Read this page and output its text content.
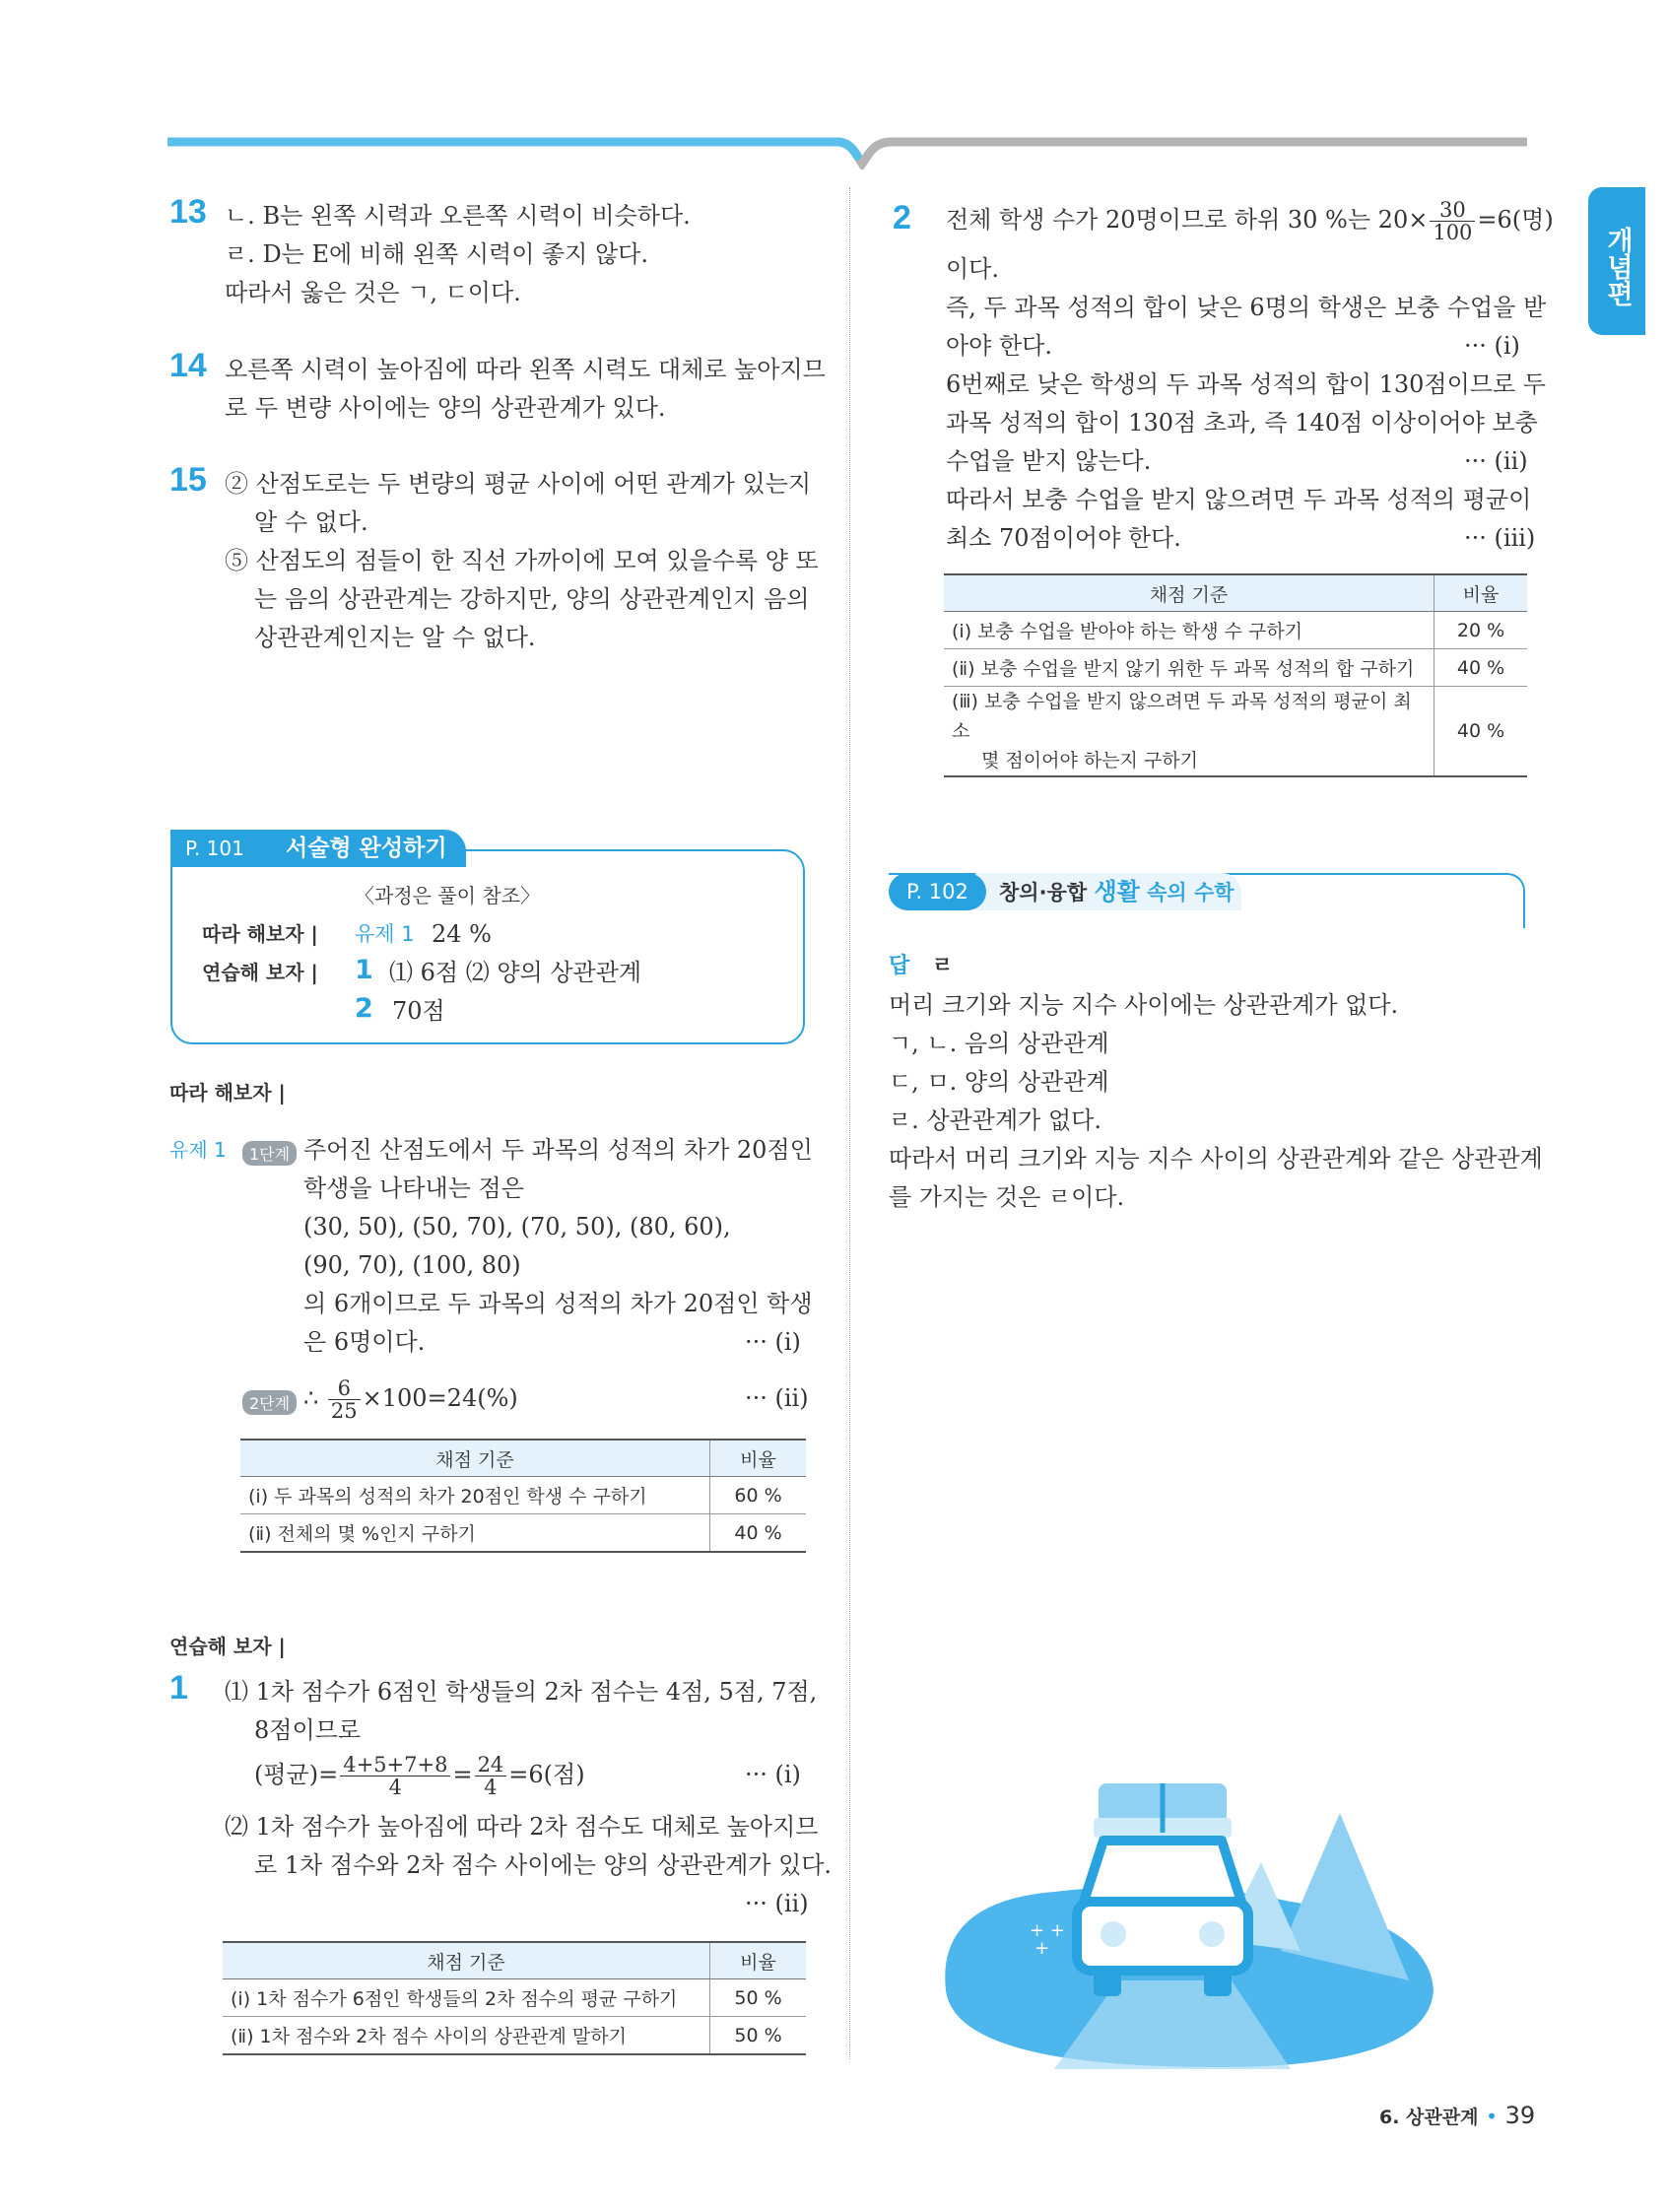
개념편
13 ㄴ. B는 왼쪽 시력과 오른쪽 시력이 비슷하다.
ㄹ. D는 E에 비해 왼쪽 시력이 좋지 않다.
따라서 옳은 것은 ㄱ, ㄷ이다.
14 오른쪽 시력이 높아짐에 따라 왼쪽 시력도 대체로 높아지므
로 두 변량 사이에는 양의 상관관계가 있다.
15 ② 산점도로는 두 변량의 평균 사이에 어떤 관계가 있는지
알 수 없다.
⑤ 산점도의 점들이 한 직선 가까이에 모여 있을수록 양 또
는 음의 상관관계는 강하지만, 양의 상관관계인지 음의
상관관계인지는 알 수 없다.
P. 101 서술형 완성하기
〈과정은 풀이 참조〉
따라 해보자 | 유제 1 24 %
연습해 보자 | 1 ⑴ 6점 ⑵ 양의 상관관계
2 70점
따라 해보자 |
유제 1	1단계 주어진 산점도에서 두 과목의 성적의 차가 20점인
학생을 나타내는 점은
(30, 50), (50, 70), (70, 50), (80, 60),
(90, 70), (100, 80)
의 6개이므로 두 과목의 성적의 차가 20점인 학생
은 6명이다.	··· (ⅰ)
2단계 ∴ $\frac{6}{25} \times 100=24(\%)$	··· (ⅱ)
채점 기준	비율
(ⅰ) 두 과목의 성적의 차가 20점인 학생 수 구하기	60 %
(ⅱ) 전체의 몇 %인지 구하기	40 %
연습해 보자 |
1 ⑴ 1차 점수가 6점인 학생들의 2차 점수는 4점, 5점, 7점,
8점이므로
(평균)= $\frac{4+5+7+8}{4} = \frac{24}{4} =6$(점)	··· (ⅰ)
⑵ 1차 점수가 높아짐에 따라 2차 점수도 대체로 높아지므
로 1차 점수와 2차 점수 사이에는 양의 상관관계가 있다.
··· (ⅱ)
채점 기준	비율
(ⅰ) 1차 점수가 6점인 학생들의 2차 점수의 평균 구하기	50 %
(ⅱ) 1차 점수와 2차 점수 사이의 상관관계 말하기	50 %
2 전체 학생 수가 20명이므로 하위 30 %는 $20\times \frac{30}{100} =6$(명)
이다.
즉, 두 과목 성적의 합이 낮은 6명의 학생은 보충 수업을 받
아야 한다.	··· (ⅰ)
6번째로 낮은 학생의 두 과목 성적의 합이 130점이므로 두
과목 성적의 합이 130점 초과, 즉 140점 이상이어야 보충
수업을 받지 않는다.	··· (ⅱ)
따라서 보충 수업을 받지 않으려면 두 과목 성적의 평균이
최소 70점이어야 한다.	··· (ⅲ)
채점 기준	비율
(ⅰ) 보충 수업을 받아야 하는 학생 수 구하기	20 %
(ⅱ) 보충 수업을 받지 않기 위한 두 과목 성적의 합 구하기	40 %
(ⅲ) 보충 수업을 받지 않으려면 두 과목 성적의 평균이 최소
몇 점이어야 하는지 구하기	40 %
P. 102	창의·융합 생활 속의 수학
답 ㄹ
머리 크기와 지능 지수 사이에는 상관관계가 없다.
ㄱ, ㄴ. 음의 상관관계
ㄷ, ㅁ. 양의 상관관계
ㄹ. 상관관계가 없다.
따라서 머리 크기와 지능 지수 사이의 상관관계와 같은 상관관계
를 가지는 것은 ㄹ이다.
+ +
+
6. 상관관계 • 39
